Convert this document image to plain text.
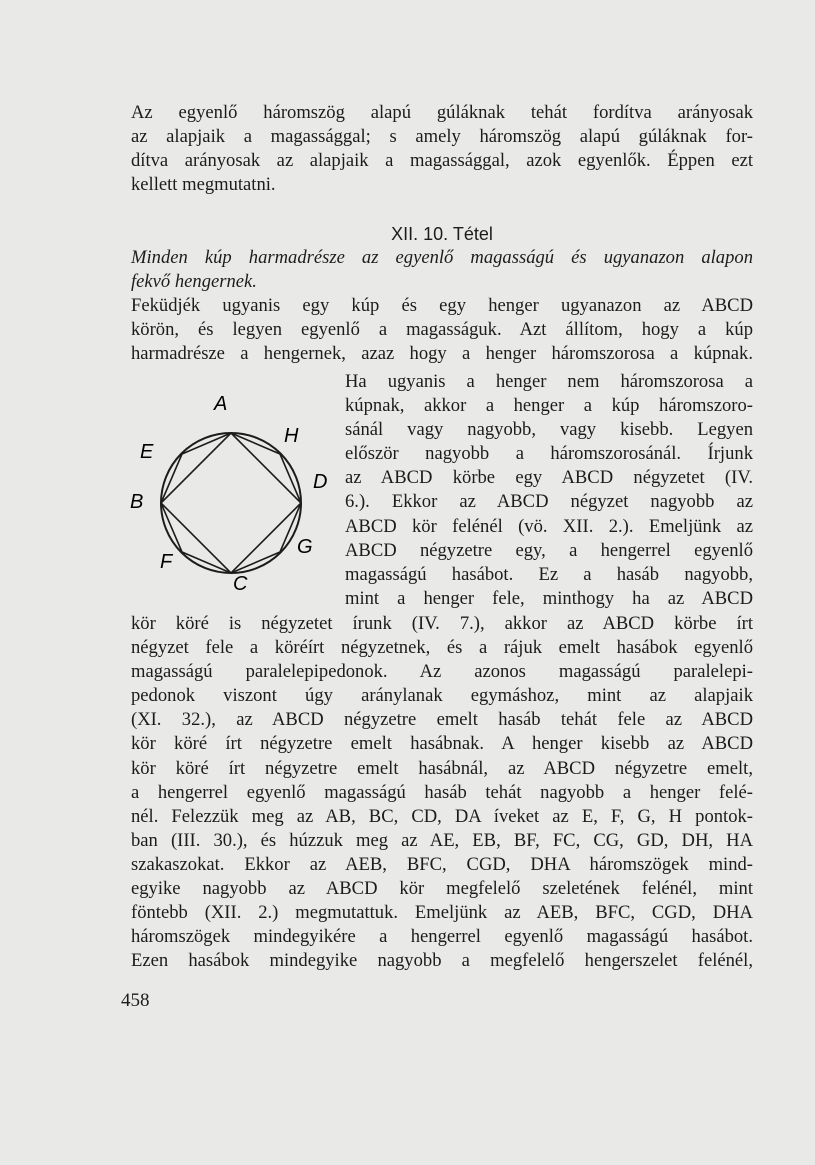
Az egyenlő háromszög alapú gúláknak tehát fordítva arányosak
az alapjaik a magassággal; s amely háromszög alapú gúláknak for-
dítva arányosak az alapjaik a magassággal, azok egyenlők. Éppen ezt
kellett megmutatni.
XII. 10. Tétel
Minden kúp harmadrésze az egyenlő magasságú és ugyanazon alapon
fekvő hengernek.
Feküdjék ugyanis egy kúp és egy henger ugyanazon az ABCD
körön, és legyen egyenlő a magasságuk. Azt állítom, hogy a kúp
harmadrésze a hengernek, azaz hogy a henger háromszorosa a kúpnak.
A
E
H
D
B
G
F
C
Ha ugyanis a henger nem háromszorosa a
kúpnak, akkor a henger a kúp háromszoro-
sánál vagy nagyobb, vagy kisebb. Legyen
először nagyobb a háromszorosánál. Írjunk
az ABCD körbe egy ABCD négyzetet (IV.
6.). Ekkor az ABCD négyzet nagyobb az
ABCD kör felénél (vö. XII. 2.). Emeljünk az
ABCD négyzetre egy, a hengerrel egyenlő
magasságú hasábot. Ez a hasáb nagyobb,
mint a henger fele, minthogy ha az ABCD
kör köré is négyzetet írunk (IV. 7.), akkor az ABCD körbe írt
négyzet fele a köréírt négyzetnek, és a rájuk emelt hasábok egyenlő
magasságú paralelepipedonok. Az azonos magasságú paralelepi-
pedonok viszont úgy aránylanak egymáshoz, mint az alapjaik
(XI. 32.), az ABCD négyzetre emelt hasáb tehát fele az ABCD
kör köré írt négyzetre emelt hasábnak. A henger kisebb az ABCD
kör köré írt négyzetre emelt hasábnál, az ABCD négyzetre emelt,
a hengerrel egyenlő magasságú hasáb tehát nagyobb a henger felé-
nél. Felezzük meg az AB, BC, CD, DA íveket az E, F, G, H pontok-
ban (III. 30.), és húzzuk meg az AE, EB, BF, FC, CG, GD, DH, HA
szakaszokat. Ekkor az AEB, BFC, CGD, DHA háromszögek mind-
egyike nagyobb az ABCD kör megfelelő szeletének felénél, mint
föntebb (XII. 2.) megmutattuk. Emeljünk az AEB, BFC, CGD, DHA
háromszögek mindegyikére a hengerrel egyenlő magasságú hasábot.
Ezen hasábok mindegyike nagyobb a megfelelő hengerszelet felénél,
458
